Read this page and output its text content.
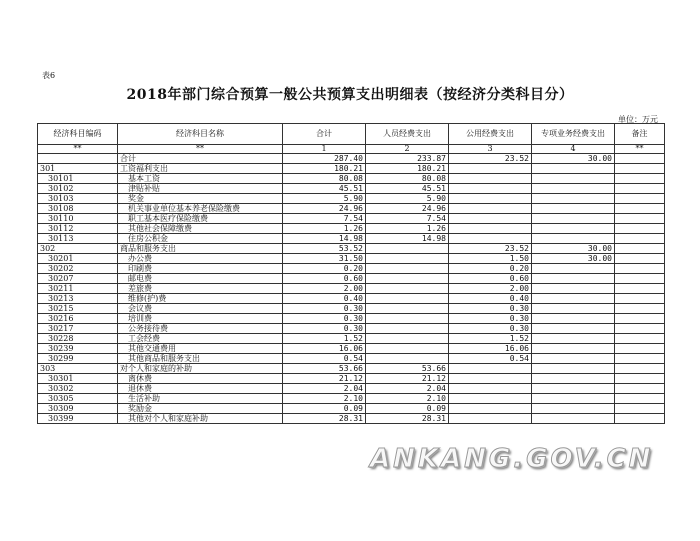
表6
2018年部门综合预算一般公共预算支出明细表（按经济分类科目分）
单位：万元
经济科目编码	经济科目名称	合计	人员经费支出	公用经费支出	专项业务经费支出	备注
**	**	1	2	3	4	**
	合计	287.40	233.87	23.52	30.00	
301	工资福利支出	180.21	180.21			
30101	基本工资	80.08	80.08			
30102	津贴补贴	45.51	45.51			
30103	奖金	5.90	5.90			
30108	机关事业单位基本养老保险缴费	24.96	24.96			
30110	职工基本医疗保险缴费	7.54	7.54			
30112	其他社会保障缴费	1.26	1.26			
30113	住房公积金	14.98	14.98			
302	商品和服务支出	53.52		23.52	30.00	
30201	办公费	31.50		1.50	30.00	
30202	印刷费	0.20		0.20		
30207	邮电费	0.60		0.60		
30211	差旅费	2.00		2.00		
30213	维修(护)费	0.40		0.40		
30215	会议费	0.30		0.30		
30216	培训费	0.30		0.30		
30217	公务接待费	0.30		0.30		
30228	工会经费	1.52		1.52		
30239	其他交通费用	16.06		16.06		
30299	其他商品和服务支出	0.54		0.54		
303	对个人和家庭的补助	53.66	53.66			
30301	离休费	21.12	21.12			
30302	退休费	2.04	2.04			
30305	生活补助	2.10	2.10			
30309	奖励金	0.09	0.09			
30399	其他对个人和家庭补助	28.31	28.31			
ANKANG.GOV.CN
